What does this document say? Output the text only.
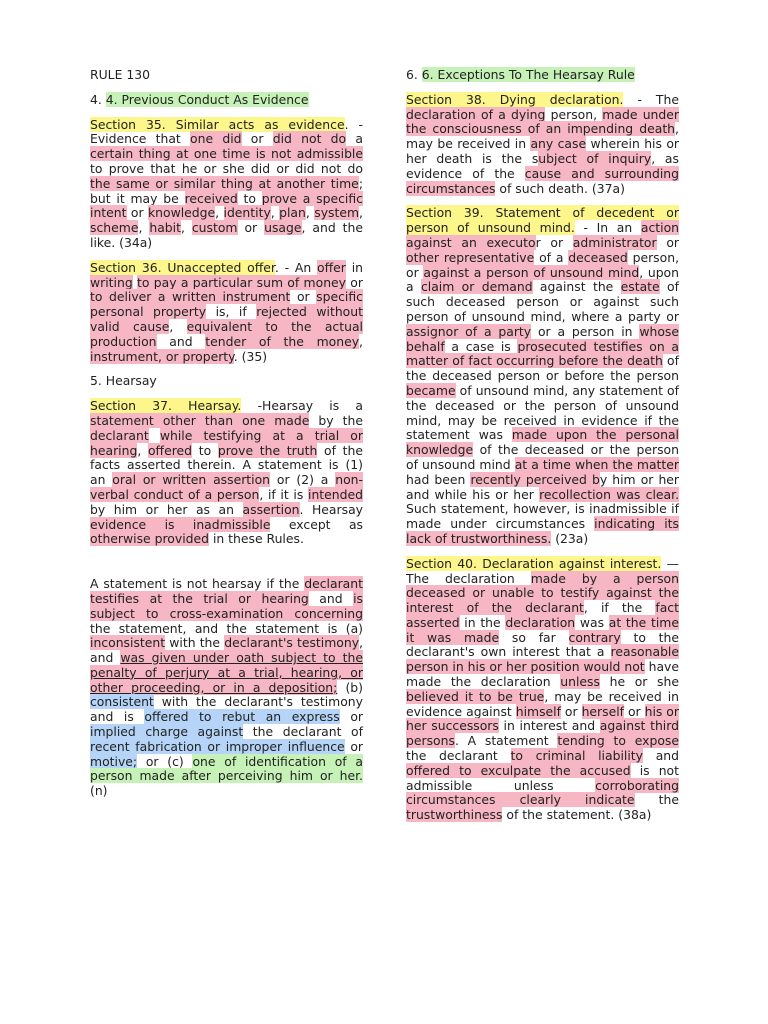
RULE 130

4. 4. Previous Conduct As Evidence

Section 35. Similar acts as evidence. - Evidence that one did or did not do a certain thing at one time is not admissible to prove that he or she did or did not do the same or similar thing at another time; but it may be received to prove a specific intent or knowledge, identity, plan, system, scheme, habit, custom or usage, and the like. (34a)

Section 36. Unaccepted offer. - An offer in writing to pay a particular sum of money or to deliver a written instrument or specific personal property is, if rejected without valid cause, equivalent to the actual production and tender of the money, instrument, or property. (35)

5. Hearsay

Section 37. Hearsay. -Hearsay is a statement other than one made by the declarant while testifying at a trial or hearing, offered to prove the truth of the facts asserted therein. A statement is (1) an oral or written assertion or (2) a non-verbal conduct of a person, if it is intended by him or her as an assertion. Hearsay evidence is inadmissible except as otherwise provided in these Rules.

A statement is not hearsay if the declarant testifies at the trial or hearing and is subject to cross-examination concerning the statement, and the statement is (a) inconsistent with the declarant's testimony, and was given under oath subject to the penalty of perjury at a trial, hearing, or other proceeding, or in a deposition; (b) consistent with the declarant's testimony and is offered to rebut an express or implied charge against the declarant of recent fabrication or improper influence or motive; or (c) one of identification of a person made after perceiving him or her. (n)

6. 6. Exceptions To The Hearsay Rule

Section 38. Dying declaration. - The declaration of a dying person, made under the consciousness of an impending death, may be received in any case wherein his or her death is the subject of inquiry, as evidence of the cause and surrounding circumstances of such death. (37a)

Section 39. Statement of decedent or person of unsound mind. - In an action against an executor or administrator or other representative of a deceased person, or against a person of unsound mind, upon a claim or demand against the estate of such deceased person or against such person of unsound mind, where a party or assignor of a party or a person in whose behalf a case is prosecuted testifies on a matter of fact occurring before the death of the deceased person or before the person became of unsound mind, any statement of the deceased or the person of unsound mind, may be received in evidence if the statement was made upon the personal knowledge of the deceased or the person of unsound mind at a time when the matter had been recently perceived by him or her and while his or her recollection was clear. Such statement, however, is inadmissible if made under circumstances indicating its lack of trustworthiness. (23a)

Section 40. Declaration against interest. — The declaration made by a person deceased or unable to testify against the interest of the declarant, if the fact asserted in the declaration was at the time it was made so far contrary to the declarant's own interest that a reasonable person in his or her position would not have made the declaration unless he or she believed it to be true, may be received in evidence against himself or herself or his or her successors in interest and against third persons. A statement tending to expose the declarant to criminal liability and offered to exculpate the accused is not admissible unless corroborating circumstances clearly indicate the trustworthiness of the statement. (38a)
